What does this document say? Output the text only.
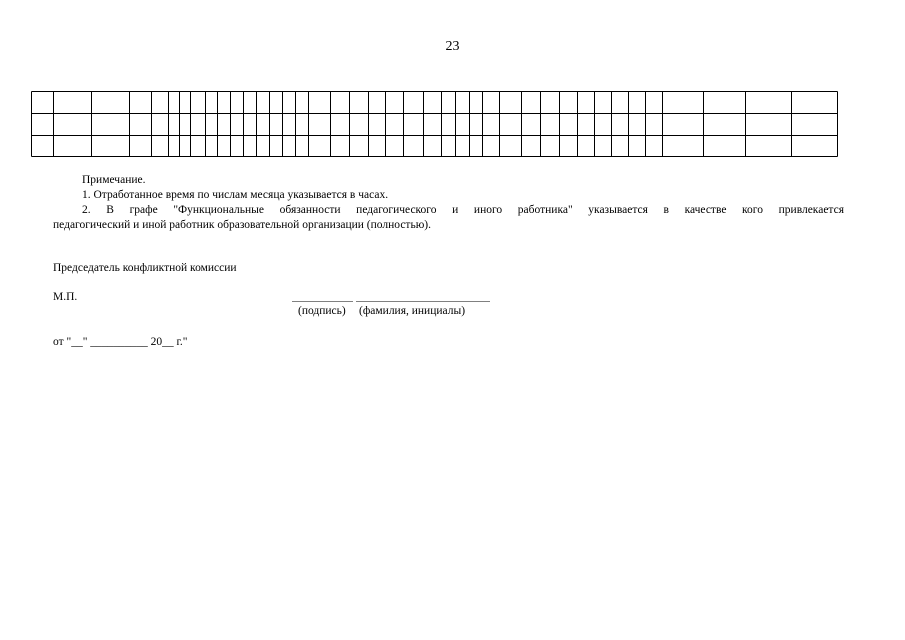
23

Примечание.

1. Отработанное время по числам месяца указывается в часах.

2. В графе "Функциональные обязанности педагогического и иного работника" указывается в качестве кого привлекается

педагогический и иной работник образовательной организации (полностью).

Председатель конфликтной комиссии
М.П.
(подпись) (фамилия, инициалы)
от "__" __________ 20__ г."
